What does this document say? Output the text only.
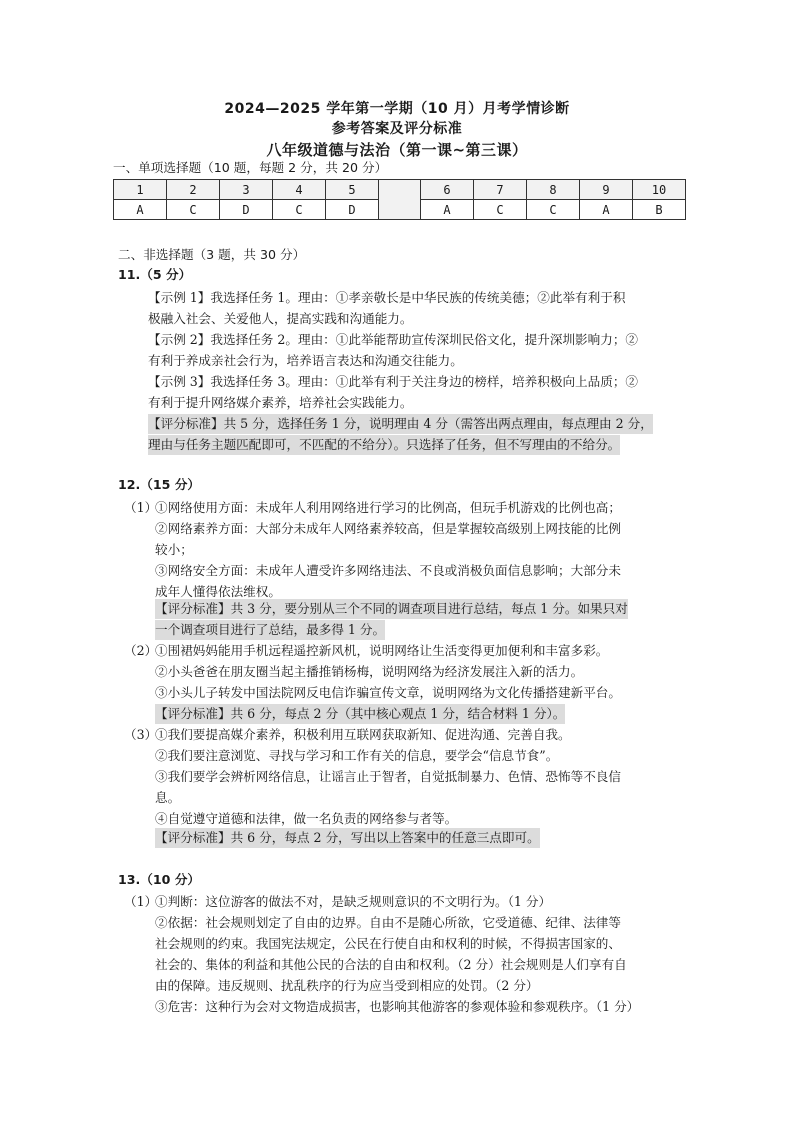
2024—2025 学年第一学期（10 月）月考学情诊断
参考答案及评分标准
八年级道德与法治（第一课~第三课）
一、单项选择题（10 题，每题 2 分，共 20 分）
1	2	3	4	5		6	7	8	9	10
A	C	D	C	D		A	C	C	A	B
二、非选择题（3 题，共 30 分）
11.（5 分）
【示例 1】我选择任务 1。理由：①孝亲敬长是中华民族的传统美德；②此举有利于积
极融入社会、关爱他人，提高实践和沟通能力。
【示例 2】我选择任务 2。理由：①此举能帮助宣传深圳民俗文化，提升深圳影响力；②
有利于养成亲社会行为，培养语言表达和沟通交往能力。
【示例 3】我选择任务 3。理由：①此举有利于关注身边的榜样，培养积极向上品质；②
有利于提升网络媒介素养，培养社会实践能力。
【评分标准】共 5 分，选择任务 1 分，说明理由 4 分（需答出两点理由，每点理由 2 分，
理由与任务主题匹配即可，不匹配的不给分）。只选择了任务，但不写理由的不给分。
12.（15 分）
（1）
①网络使用方面：未成年人利用网络进行学习的比例高，但玩手机游戏的比例也高；
②网络素养方面：大部分未成年人网络素养较高，但是掌握较高级别上网技能的比例
较小；
③网络安全方面：未成年人遭受许多网络违法、不良或消极负面信息影响；大部分未
成年人懂得依法维权。
【评分标准】共 3 分，要分别从三个不同的调查项目进行总结，每点 1 分。如果只对
一个调查项目进行了总结，最多得 1 分。
（2）
①围裙妈妈能用手机远程遥控新风机，说明网络让生活变得更加便利和丰富多彩。
②小头爸爸在朋友圈当起主播推销杨梅，说明网络为经济发展注入新的活力。
③小头儿子转发中国法院网反电信诈骗宣传文章，说明网络为文化传播搭建新平台。
【评分标准】共 6 分，每点 2 分（其中核心观点 1 分，结合材料 1 分）。
（3）
①我们要提高媒介素养，积极利用互联网获取新知、促进沟通、完善自我。
②我们要注意浏览、寻找与学习和工作有关的信息，要学会“信息节食”。
③我们要学会辨析网络信息，让谣言止于智者，自觉抵制暴力、色情、恐怖等不良信
息。
④自觉遵守道德和法律，做一名负责的网络参与者等。
【评分标准】共 6 分，每点 2 分，写出以上答案中的任意三点即可。
13.（10 分）
（1）
①判断：这位游客的做法不对，是缺乏规则意识的不文明行为。（1 分）
②依据：社会规则划定了自由的边界。自由不是随心所欲，它受道德、纪律、法律等
社会规则的约束。我国宪法规定，公民在行使自由和权利的时候，不得损害国家的、
社会的、集体的利益和其他公民的合法的自由和权利。（2 分）社会规则是人们享有自
由的保障。违反规则、扰乱秩序的行为应当受到相应的处罚。（2 分）
③危害：这种行为会对文物造成损害，也影响其他游客的参观体验和参观秩序。（1 分）
